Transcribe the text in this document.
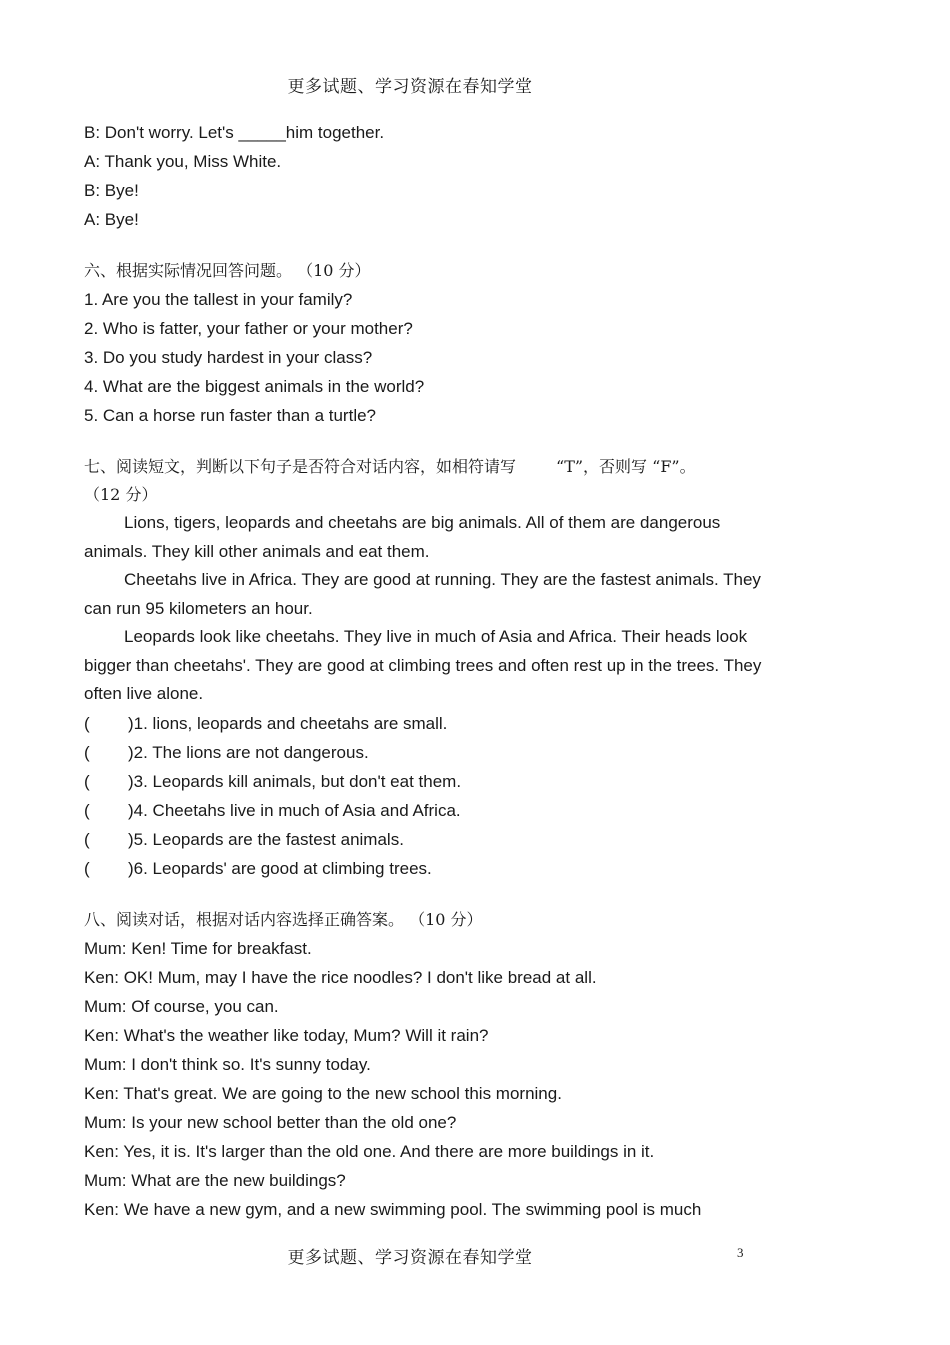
更多试题、学习资源在春知学堂
B: Don't worry. Let's _____him together.
A: Thank you, Miss White.
B: Bye!
A: Bye!
六、根据实际情况回答问题。 （10 分）
1. Are you the tallest in your family?
2. Who is fatter, your father or your mother?
3. Do you study hardest in your class?
4. What are the biggest animals in the world?
5. Can a horse run faster than a turtle?
七、阅读短文，判断以下句子是否符合对话内容，如相符请写	“T”，否则写 “F”。
（12 分）
Lions, tigers, leopards and cheetahs are big animals. All of them are dangerous animals. They kill other animals and eat them.
Cheetahs live in Africa. They are good at running. They are the fastest animals. They can run 95 kilometers an hour.
Leopards look like cheetahs. They live in much of Asia and Africa. Their heads look bigger than cheetahs'. They are good at climbing trees and often rest up in the trees. They often live alone.
( )1. lions, leopards and cheetahs are small.
( )2. The lions are not dangerous.
( )3. Leopards kill animals, but don't eat them.
( )4. Cheetahs live in much of Asia and Africa.
( )5. Leopards are the fastest animals.
( )6. Leopards' are good at climbing trees.
八、阅读对话，根据对话内容选择正确答案。 （10 分）
Mum: Ken! Time for breakfast.
Ken: OK! Mum, may I have the rice noodles? I don't like bread at all.
Mum: Of course, you can.
Ken: What's the weather like today, Mum? Will it rain?
Mum: I don't think so. It's sunny today.
Ken: That's great. We are going to the new school this morning.
Mum: Is your new school better than the old one?
Ken: Yes, it is. It's larger than the old one. And there are more buildings in it.
Mum: What are the new buildings?
Ken: We have a new gym, and a new swimming pool. The swimming pool is much
更多试题、学习资源在春知学堂	3
